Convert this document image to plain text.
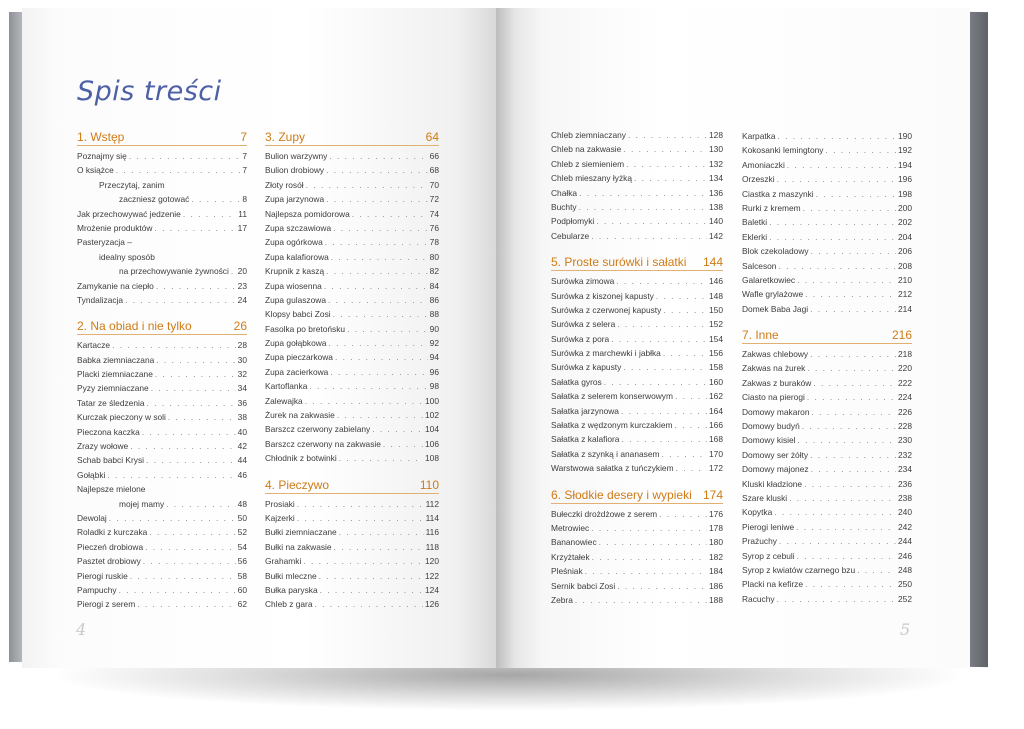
Spis treści
1. Wstęp	7
Poznajmy się . . .	7
O książce . . .	7
Przeczytaj, zanim
zaczniesz gotować . . .	8
Jak przechowywać jedzenie . . .	11
Mrożenie produktów . . .	17
Pasteryzacja –
idealny sposób
na przechowywanie żywności . . . 20
Zamykanie na ciepło . . .	23
Tyndalizacja . . .	24
2. Na obiad i nie tylko	26
Kartacze . . .	28
Babka ziemniaczana . . .	30
Placki ziemniaczane . . .	32
Pyzy ziemniaczane . . .	34
Tatar ze śledzenia . . .	36
Kurczak pieczony w soli . . .	38
Pieczona kaczka . . .	40
Zrazy wołowe . . .	42
Schab babci Krysi . . .	44
Gołąbki . . .	46
Najlepsze mielone
mojej mamy . . .	48
Dewolaj . . .	50
Roladki z kurczaka . . .	52
Pieczeń drobiowa . . .	54
Pasztet drobiowy . . .	56
Pierogi ruskie . . .	58
Pampuchy . . .	60
Pierogi z serem . . .	62
3. Zupy	64
Bulion warzywny . . .	66
Bulion drobiowy . . .	68
Złoty rosół . . .	70
Zupa jarzynowa . . .	72
Najlepsza pomidorowa . . .	74
Zupa szczawiowa . . .	76
Zupa ogórkowa . . .	78
Zupa kalafiorowa . . .	80
Krupnik z kaszą . . .	82
Zupa wiosenna . . .	84
Zupa gulaszowa . . .	86
Klopsy babci Zosi . . .	88
Fasolka po bretońsku . . .	90
Zupa gołąbkowa . . .	92
Zupa pieczarkowa . . .	94
Zupa zacierkowa . . .	96
Kartoflanka . . .	98
Zalewajka . . .	100
Żurek na zakwasie . . .	102
Barszcz czerwony zabielany . . .	104
Barszcz czerwony na zakwasie . . .	106
Chłodnik z botwinki . . .	108
4. Pieczywo	110
Prosiaki . . .	112
Kajzerki . . .	114
Bułki ziemniaczane . . .	116
Bułki na zakwasie . . .	118
Grahamki . . .	120
Bułki mleczne . . .	122
Bułka paryska . . .	124
Chleb z gara . . .	126
Chleb ziemniaczany . . .	128
Chleb na zakwasie . . .	130
Chleb z siemieniem . . .	132
Chleb mieszany łyżką . . .	134
Chałka . . .	136
Buchty . . .	138
Podpłomyki . . .	140
Cebularze . . .	142
5. Proste surówki i sałatki 144
Surówka zimowa . . .	146
Surówka z kiszonej kapusty . . .	148
Surówka z czerwonej kapusty . . .	150
Surówka z selera . . .	152
Surówka z pora . . .	154
Surówka z marchewki i jabłka . . .	156
Surówka z kapusty . . .	158
Sałatka gyros . . .	160
Sałatka z selerem konserwowym . . .	162
Sałatka jarzynowa . . .	164
Sałatka z wędzonym kurczakiem . . .	166
Sałatka z kalafiora . . .	168
Sałatka z szynką i ananasem . . .	170
Warstwowa sałatka z tuńczykiem . . .	172
6. Słodkie desery i wypieki 174
Bułeczki drożdżowe z serem . . .	176
Metrowiec . . .	178
Bananowiec . . .	180
Krzyżtałek . . .	182
Pleśniak . . .	184
Sernik babci Zosi . . .	186
Zebra . . .	188
Karpatka . . .	190
Kokosanki lemingtony . . .	192
Amoniaczki . . .	194
Orzeszki . . .	196
Ciastka z maszynki . . .	198
Rurki z kremem . . .	200
Baletki . . .	202
Eklerki . . .	204
Blok czekoladowy . . .	206
Salceson . . .	208
Galaretkowiec . . .	210
Wafle grylażowe . . .	212
Domek Baba Jagi . . .	214
7. Inne	216
Zakwas chlebowy . . .	218
Zakwas na żurek . . .	220
Zakwas z buraków . . .	222
Ciasto na pierogi . . .	224
Domowy makaron . . .	226
Domowy budyń . . .	228
Domowy kisiel . . .	230
Domowy ser żółty . . .	232
Domowy majonez . . .	234
Kluski kładzione . . .	236
Szare kluski . . .	238
Kopytka . . .	240
Pierogi leniwe . . .	242
Prażuchy . . .	244
Syrop z cebuli . . .	246
Syrop z kwiatów czarnego bzu . . .	248
Placki na kefirze . . .	250
Racuchy . . .	252
4	5
